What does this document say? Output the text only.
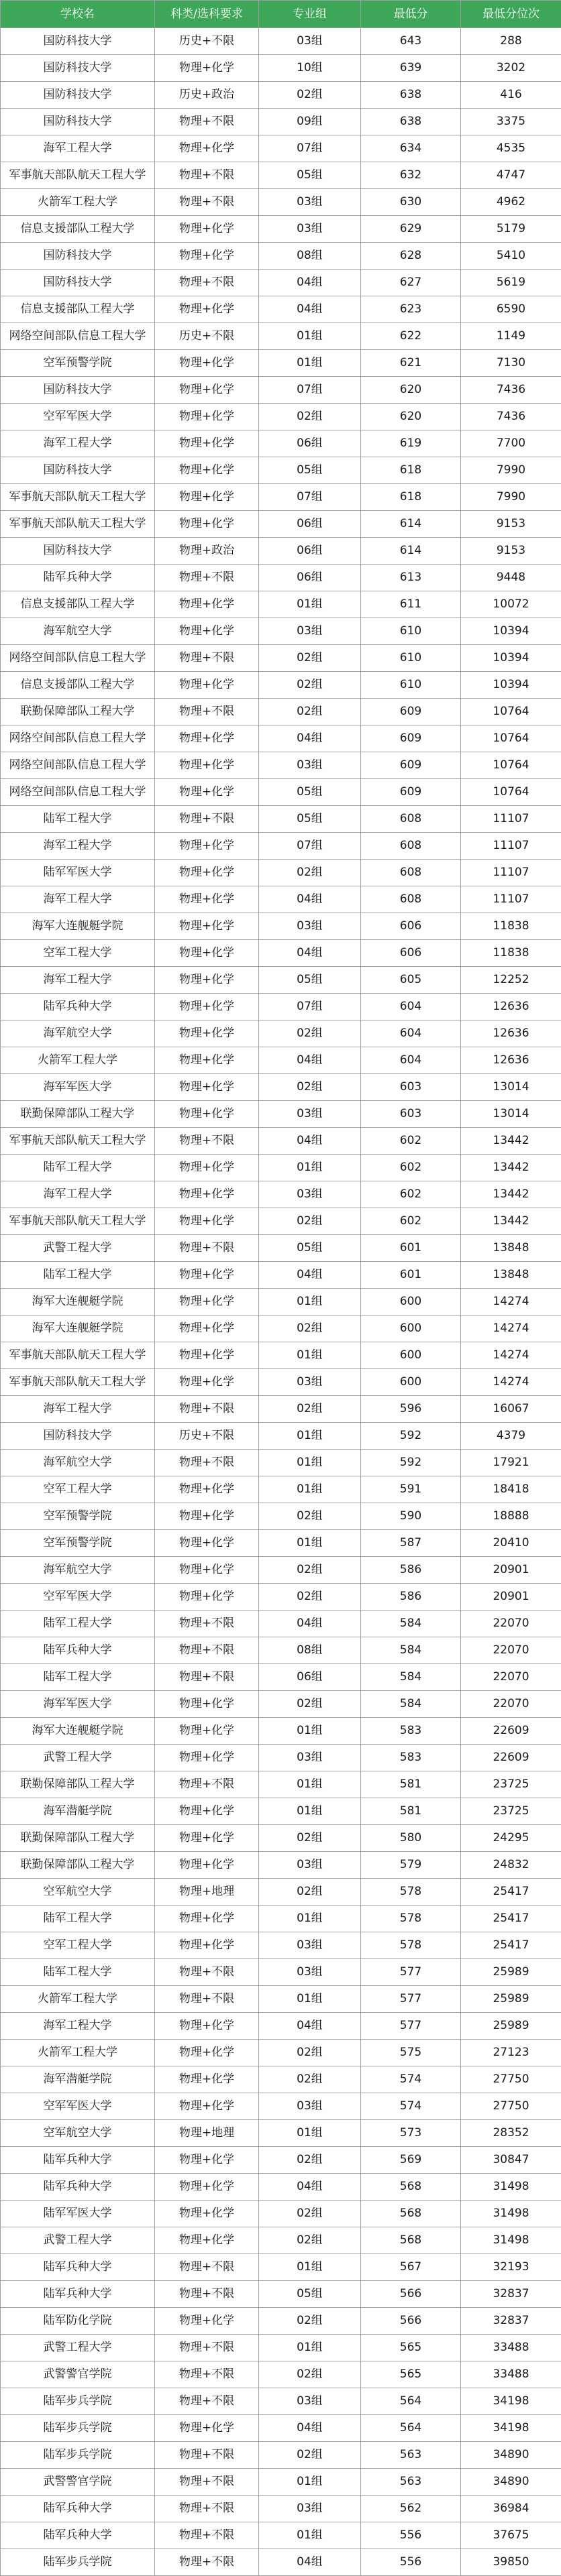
学校名	科类/选科要求	专业组	最低分	最低分位次
国防科技大学	历史+不限	03组	643	288
国防科技大学	物理+化学	10组	639	3202
国防科技大学	历史+政治	02组	638	416
国防科技大学	物理+不限	09组	638	3375
海军工程大学	物理+化学	07组	634	4535
军事航天部队航天工程大学	物理+不限	05组	632	4747
火箭军工程大学	物理+不限	03组	630	4962
信息支援部队工程大学	物理+化学	03组	629	5179
国防科技大学	物理+化学	08组	628	5410
国防科技大学	物理+不限	04组	627	5619
信息支援部队工程大学	物理+化学	04组	623	6590
网络空间部队信息工程大学	历史+不限	01组	622	1149
空军预警学院	物理+化学	01组	621	7130
国防科技大学	物理+化学	07组	620	7436
空军军医大学	物理+化学	02组	620	7436
海军工程大学	物理+化学	06组	619	7700
国防科技大学	物理+化学	05组	618	7990
军事航天部队航天工程大学	物理+化学	07组	618	7990
军事航天部队航天工程大学	物理+化学	06组	614	9153
国防科技大学	物理+政治	06组	614	9153
陆军兵种大学	物理+不限	06组	613	9448
信息支援部队工程大学	物理+化学	01组	611	10072
海军航空大学	物理+化学	03组	610	10394
网络空间部队信息工程大学	物理+不限	02组	610	10394
信息支援部队工程大学	物理+化学	02组	610	10394
联勤保障部队工程大学	物理+不限	02组	609	10764
网络空间部队信息工程大学	物理+化学	04组	609	10764
网络空间部队信息工程大学	物理+化学	03组	609	10764
网络空间部队信息工程大学	物理+化学	05组	609	10764
陆军工程大学	物理+不限	05组	608	11107
海军工程大学	物理+化学	07组	608	11107
陆军军医大学	物理+化学	02组	608	11107
海军工程大学	物理+化学	04组	608	11107
海军大连舰艇学院	物理+化学	03组	606	11838
空军工程大学	物理+化学	04组	606	11838
海军工程大学	物理+化学	05组	605	12252
陆军兵种大学	物理+化学	07组	604	12636
海军航空大学	物理+化学	02组	604	12636
火箭军工程大学	物理+化学	04组	604	12636
海军军医大学	物理+化学	02组	603	13014
联勤保障部队工程大学	物理+化学	03组	603	13014
军事航天部队航天工程大学	物理+不限	04组	602	13442
陆军工程大学	物理+化学	01组	602	13442
海军工程大学	物理+化学	03组	602	13442
军事航天部队航天工程大学	物理+化学	02组	602	13442
武警工程大学	物理+不限	05组	601	13848
陆军工程大学	物理+化学	04组	601	13848
海军大连舰艇学院	物理+化学	01组	600	14274
海军大连舰艇学院	物理+化学	02组	600	14274
军事航天部队航天工程大学	物理+化学	01组	600	14274
军事航天部队航天工程大学	物理+化学	03组	600	14274
海军工程大学	物理+不限	02组	596	16067
国防科技大学	历史+不限	01组	592	4379
海军航空大学	物理+不限	01组	592	17921
空军工程大学	物理+化学	01组	591	18418
空军预警学院	物理+化学	02组	590	18888
空军预警学院	物理+化学	01组	587	20410
海军航空大学	物理+化学	02组	586	20901
空军军医大学	物理+化学	02组	586	20901
陆军工程大学	物理+不限	04组	584	22070
陆军兵种大学	物理+不限	08组	584	22070
陆军工程大学	物理+不限	06组	584	22070
海军军医大学	物理+化学	02组	584	22070
海军大连舰艇学院	物理+化学	01组	583	22609
武警工程大学	物理+化学	03组	583	22609
联勤保障部队工程大学	物理+不限	01组	581	23725
海军潜艇学院	物理+化学	01组	581	23725
联勤保障部队工程大学	物理+化学	02组	580	24295
联勤保障部队工程大学	物理+化学	03组	579	24832
空军航空大学	物理+地理	02组	578	25417
陆军工程大学	物理+化学	01组	578	25417
空军工程大学	物理+化学	03组	578	25417
陆军工程大学	物理+不限	03组	577	25989
火箭军工程大学	物理+不限	01组	577	25989
海军工程大学	物理+化学	04组	577	25989
火箭军工程大学	物理+化学	02组	575	27123
海军潜艇学院	物理+化学	02组	574	27750
空军军医大学	物理+化学	03组	574	27750
空军航空大学	物理+地理	01组	573	28352
陆军兵种大学	物理+化学	02组	569	30847
陆军兵种大学	物理+化学	04组	568	31498
陆军军医大学	物理+化学	02组	568	31498
武警工程大学	物理+化学	02组	568	31498
陆军兵种大学	物理+不限	01组	567	32193
陆军兵种大学	物理+不限	05组	566	32837
陆军防化学院	物理+化学	02组	566	32837
武警工程大学	物理+不限	01组	565	33488
武警警官学院	物理+不限	02组	565	33488
陆军步兵学院	物理+不限	03组	564	34198
陆军步兵学院	物理+化学	04组	564	34198
陆军步兵学院	物理+不限	02组	563	34890
武警警官学院	物理+不限	01组	563	34890
陆军兵种大学	物理+不限	03组	562	36984
陆军兵种大学	物理+不限	01组	556	37675
陆军步兵学院	物理+不限	04组	556	39850
